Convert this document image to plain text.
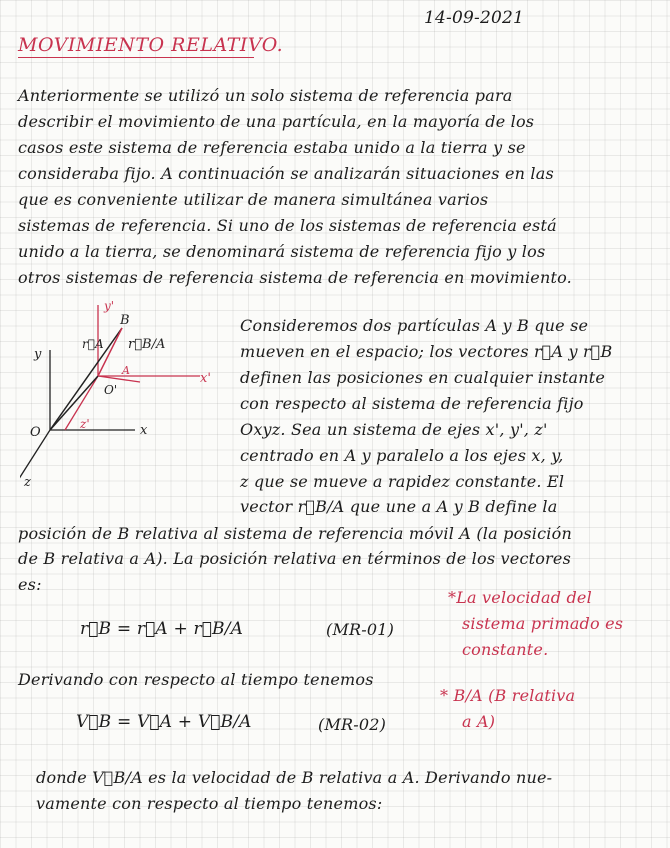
14-09-2021
MOVIMIENTO RELATIVO.
Anteriormente se utilizó un solo sistema de referencia para
describir el movimiento de una partícula, en la mayoría de los
casos este sistema de referencia estaba unido a la tierra y se
consideraba fijo. A continuación se analizarán situaciones en las
que es conveniente utilizar de manera simultánea varios
sistemas de referencia. Si uno de los sistemas de referencia está
unido a la tierra, se denominará sistema de referencia fijo y los
otros sistemas de referencia sistema de referencia en movimiento.
B
r⃗B/A
r⃗A
y
y'
x'
O'
A
O	x
z'
z
Consideremos dos partículas A y B que se
mueven en el espacio; los vectores r⃗A y r⃗B
definen las posiciones en cualquier instante
con respecto al sistema de referencia fijo
Oxyz. Sea un sistema de ejes x', y', z'
centrado en A y paralelo a los ejes x, y,
z que se mueve a rapidez constante. El
vector r⃗B/A que une a A y B define la
posición de B relativa al sistema de referencia móvil A (la posición
de B relativa a A). La posición relativa en términos de los vectores
es:
r⃗B = r⃗A + r⃗B/A	(MR-01)
*La velocidad del
sistema primado es
constante.
Derivando con respecto al tiempo tenemos
* B/A (B relativa
a A)
V⃗B = V⃗A + V⃗B/A	(MR-02)
donde V⃗B/A es la velocidad de B relativa a A. Derivando nue-
vamente con respecto al tiempo tenemos:
